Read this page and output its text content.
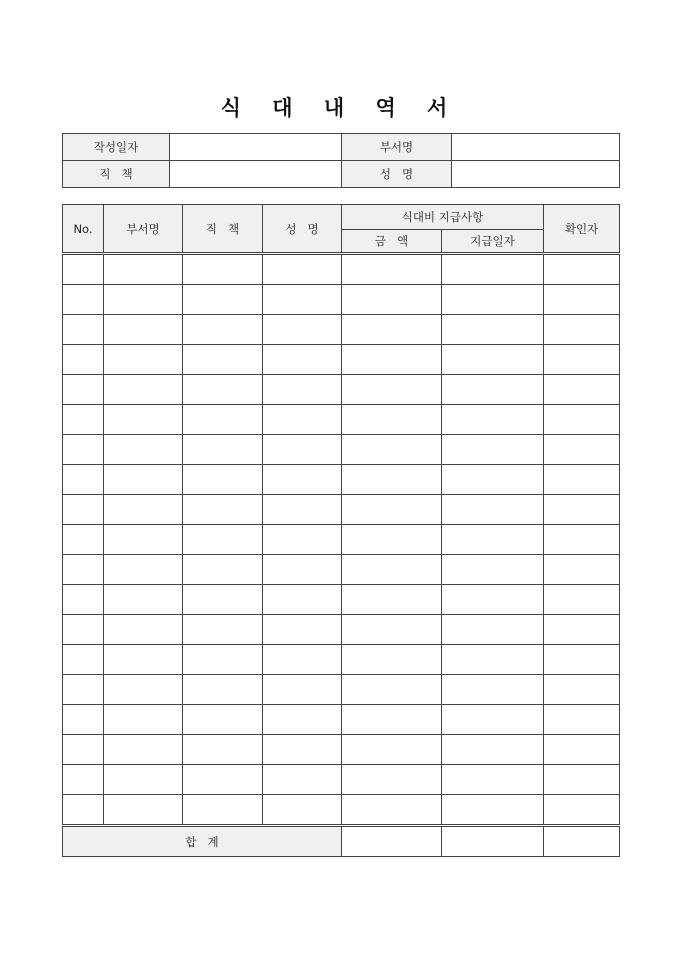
식 대 내 역 서
작성일자		부서명	
직   책		성   명	
No.	부서명	직   책	성   명	식대비 지급사항		확인자
				금   액	지급일자	

합   계						
